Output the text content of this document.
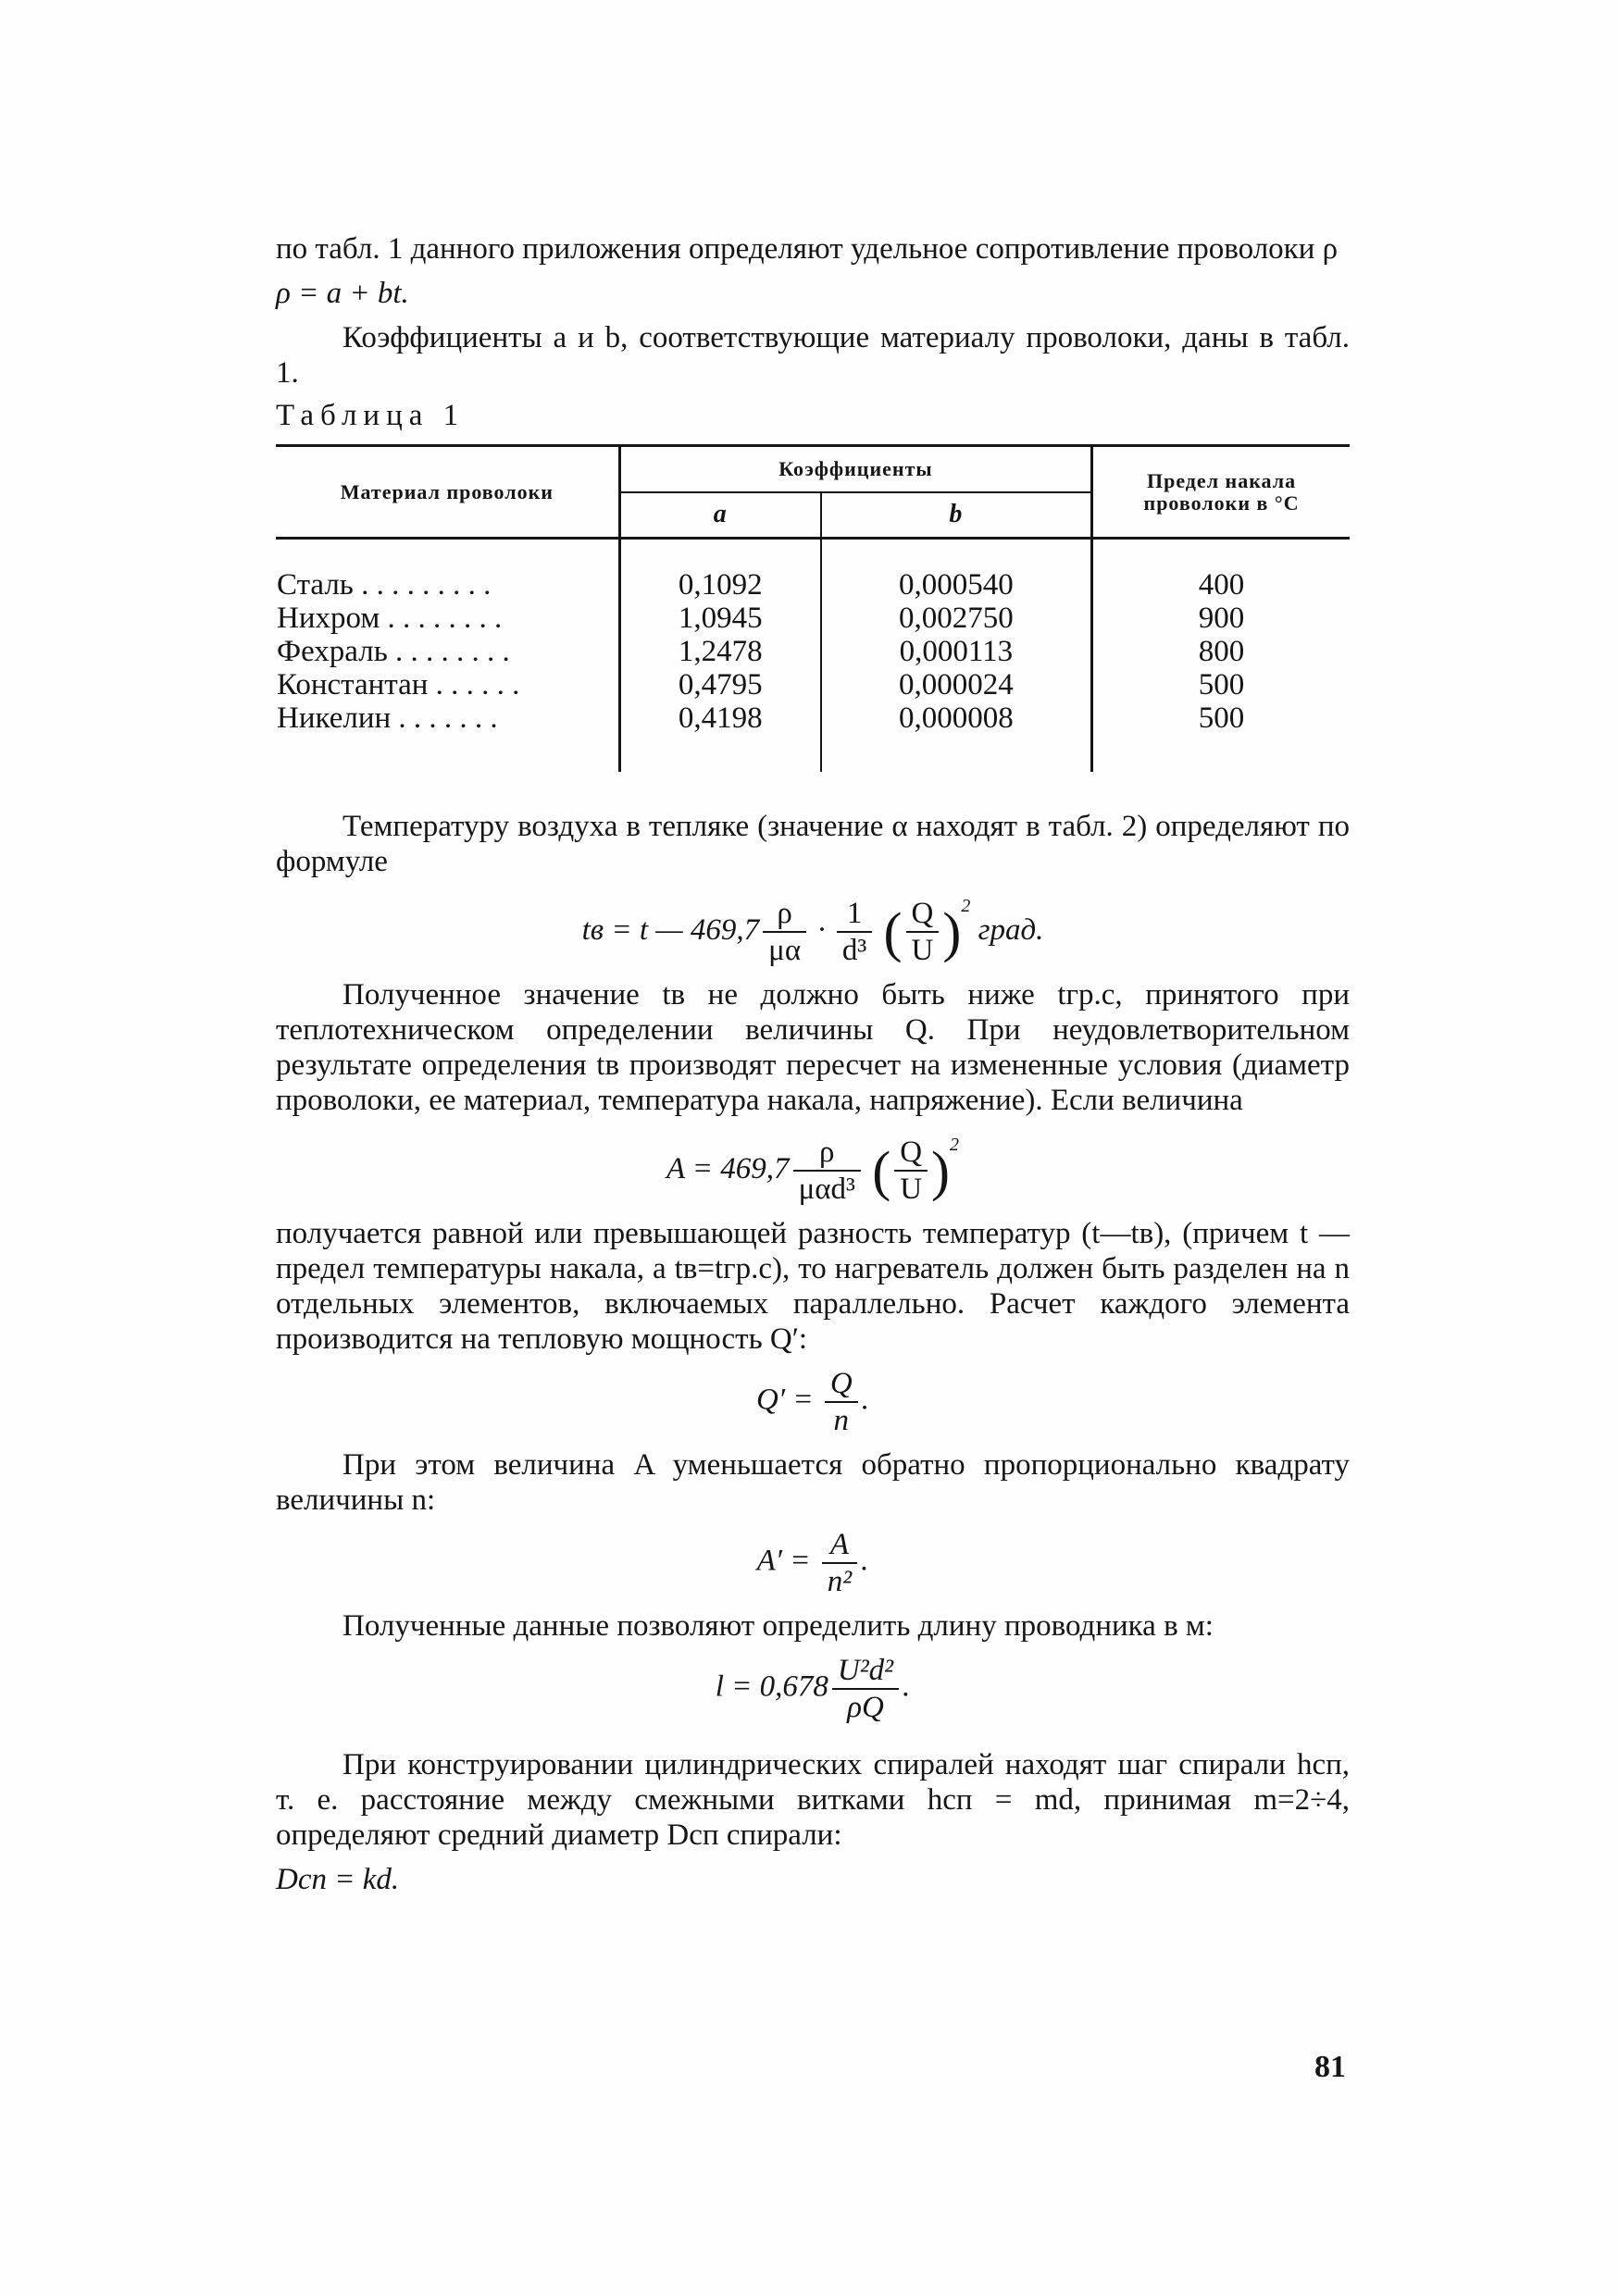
по табл. 1 данного приложения определяют удельное сопротивление проволоки ρ

ρ = a + bt.

Коэффициенты a и b, соответствующие материалу проволоки, даны в табл. 1.

Таблица 1

Материал проволоки	Коэффициенты		Предел накала проволоки в °С
	a	b	

Сталь . . . . . . . . .	0,1092	0,000540	400
Нихром . . . . . . . .	1,0945	0,002750	900
Фехраль . . . . . . . .	1,2478	0,000113	800
Константан . . . . . .	0,4795	0,000024	500
Никелин . . . . . . .	0,4198	0,000008	500

Температуру воздуха в тепляке (значение α находят в табл. 2) определяют по формуле

tв = t — $469,7 \frac{\rho}{\mu\alpha} \cdot \frac{1}{\text{d³}}$ ( $\frac{Q}{U} )^2$ град.

Полученное значение tв не должно быть ниже tгр.с, принятого при теплотехническом определении величины Q. При неудовлетворительном результате определения tв производят пересчет на измененные условия (диаметр проволоки, ее материал, температура накала, напряжение). Если величина

$A = 469,7 \frac{\rho}{\text{μαd³}}$ ( $\frac{Q}{U} )^2$

получается равной или превышающей разность температур (t—tв), (причем t — предел температуры накала, а tв=tгр.с), то нагреватель должен быть разделен на n отдельных элементов, включаемых параллельно. Расчет каждого элемента производится на тепловую мощность Q′:

$Q' = \frac{Q}{n}$ .

При этом величина A уменьшается обратно пропорционально квадрату величины n:

$A' = \frac{A}{\text{n²}}$ .

Полученные данные позволяют определить длину проводника в м:

$l = 0,678 \frac{\text{U²d²}}{\rho Q}$ .

При конструировании цилиндрических спиралей находят шаг спирали hсп, т. е. расстояние между смежными витками hсп = md, принимая m=2÷4, определяют средний диаметр Dсп спирали:

Dсп = kd.

81
